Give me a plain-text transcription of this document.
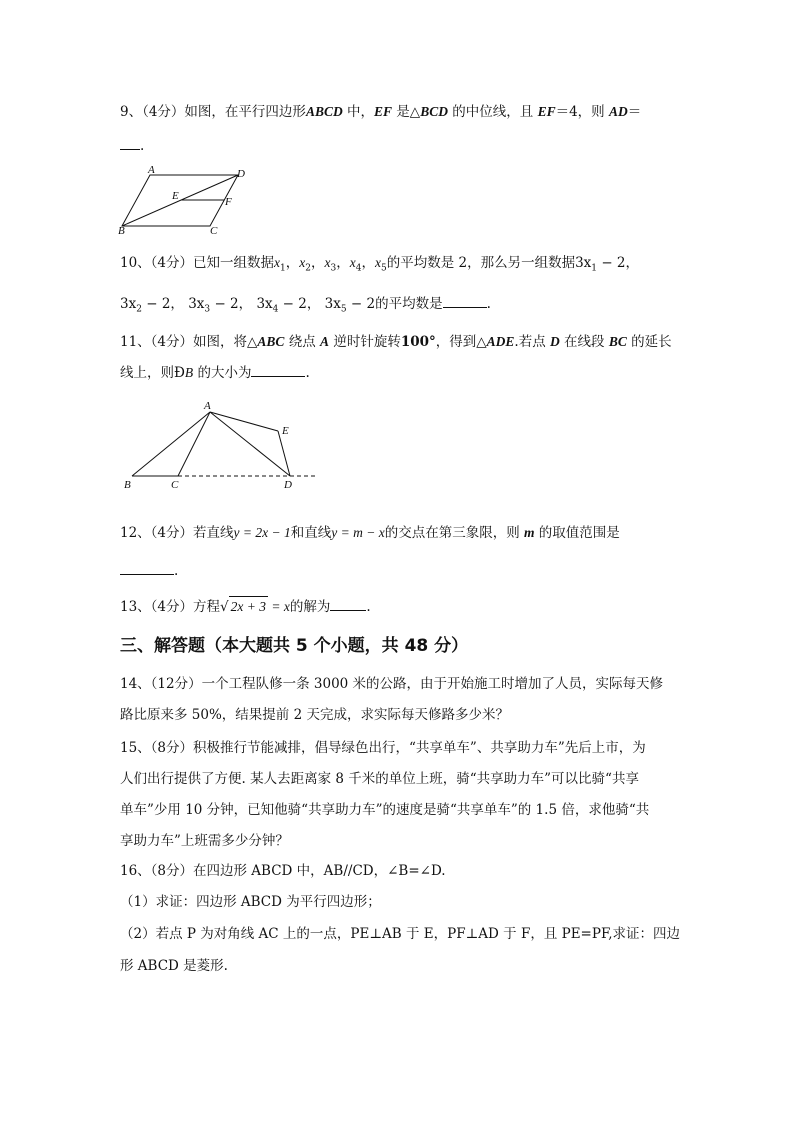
9、（4分）如图，在平行四边形ABCD 中，EF 是△BCD 的中位线，且 EF＝4，则 AD＝
.
A	D
E	F
B	C
10、（4分）已知一组数据$x_1$，$x_2$，$x_3$，$x_4$，$x_5$的平均数是 2，那么另一组数据$3x_1 - 2$，
$3x_2 - 2$， $3x_3 - 2$， $3x_4 - 2$， $3x_5 - 2$的平均数是	.
11、（4分）如图，将△ABC 绕点 A 逆时针旋转100°，得到△ADE.若点 D 在线段 BC 的延长
线上，则ÐB 的大小为	.
A
E
B	C	D
12、（4分）若直线y = 2x − 1和直线y = m − x的交点在第三象限，则 m 的取值范围是
.
13、（4分）方程√ 2x + 3 = x的解为	.
三、解答题（本大题共 5 个小题，共 48 分）
14、（12分）一个工程队修一条 3000 米的公路，由于开始施工时增加了人员，实际每天修
路比原来多 50%，结果提前 2 天完成，求实际每天修路多少米？
15、（8分）积极推行节能减排，倡导绿色出行，“共享单车”、共享助力车”先后上市，为
人们出行提供了方便. 某人去距离家 8 千米的单位上班，骑“共享助力车”可以比骑“共享
单车”少用 10 分钟，已知他骑“共享助力车”的速度是骑“共享单车”的 1.5 倍，求他骑“共
享助力车”上班需多少分钟？
16、（8分）在四边形 ABCD 中，AB//CD，∠B=∠D.
（1）求证：四边形 ABCD 为平行四边形；
（2）若点 P 为对角线 AC 上的一点，PE⊥AB 于 E，PF⊥AD 于 F，且 PE=PF,求证：四边
形 ABCD 是菱形.
